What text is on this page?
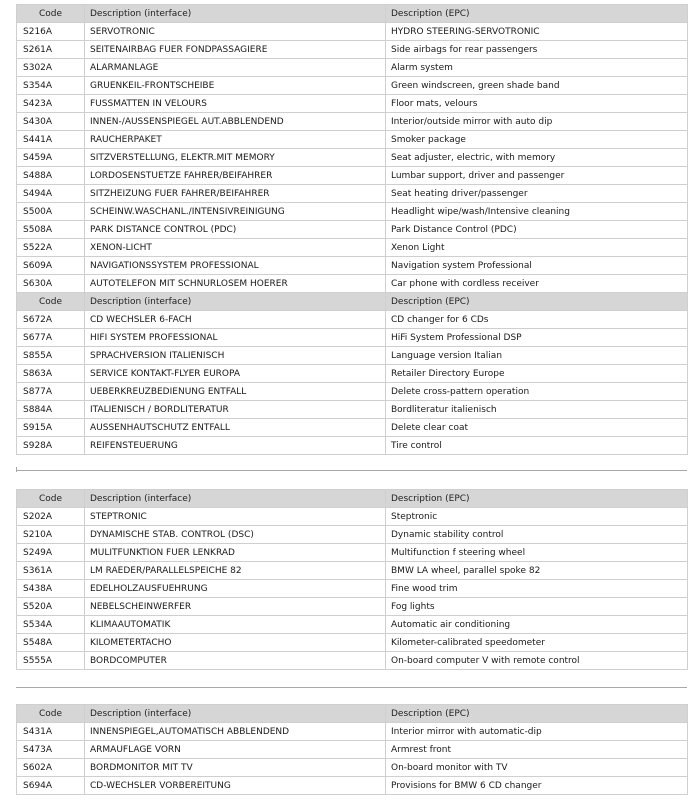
Code	Description (interface)	Description (EPC)
S216A	SERVOTRONIC	HYDRO STEERING-SERVOTRONIC
S261A	SEITENAIRBAG FUER FONDPASSAGIERE	Side airbags for rear passengers
S302A	ALARMANLAGE	Alarm system
S354A	GRUENKEIL-FRONTSCHEIBE	Green windscreen, green shade band
S423A	FUSSMATTEN IN VELOURS	Floor mats, velours
S430A	INNEN-/AUSSENSPIEGEL AUT.ABBLENDEND	Interior/outside mirror with auto dip
S441A	RAUCHERPAKET	Smoker package
S459A	SITZVERSTELLUNG, ELEKTR.MIT MEMORY	Seat adjuster, electric, with memory
S488A	LORDOSENSTUETZE FAHRER/BEIFAHRER	Lumbar support, driver and passenger
S494A	SITZHEIZUNG FUER FAHRER/BEIFAHRER	Seat heating driver/passenger
S500A	SCHEINW.WASCHANL./INTENSIVREINIGUNG	Headlight wipe/wash/Intensive cleaning
S508A	PARK DISTANCE CONTROL (PDC)	Park Distance Control (PDC)
S522A	XENON-LICHT	Xenon Light
S609A	NAVIGATIONSSYSTEM PROFESSIONAL	Navigation system Professional
S630A	AUTOTELEFON MIT SCHNURLOSEM HOERER	Car phone with cordless receiver
Code	Description (interface)	Description (EPC)
S672A	CD WECHSLER 6-FACH	CD changer for 6 CDs
S677A	HIFI SYSTEM PROFESSIONAL	HiFi System Professional DSP
S855A	SPRACHVERSION ITALIENISCH	Language version Italian
S863A	SERVICE KONTAKT-FLYER EUROPA	Retailer Directory Europe
S877A	UEBERKREUZBEDIENUNG ENTFALL	Delete cross-pattern operation
S884A	ITALIENISCH / BORDLITERATUR	Bordliteratur italienisch
S915A	AUSSENHAUTSCHUTZ ENTFALL	Delete clear coat
S928A	REIFENSTEUERUNG	Tire control
Code	Description (interface)	Description (EPC)
S202A	STEPTRONIC	Steptronic
S210A	DYNAMISCHE STAB. CONTROL (DSC)	Dynamic stability control
S249A	MULITFUNKTION FUER LENKRAD	Multifunction f steering wheel
S361A	LM RAEDER/PARALLELSPEICHE 82	BMW LA wheel, parallel spoke 82
S438A	EDELHOLZAUSFUEHRUNG	Fine wood trim
S520A	NEBELSCHEINWERFER	Fog lights
S534A	KLIMAAUTOMATIK	Automatic air conditioning
S548A	KILOMETERTACHO	Kilometer-calibrated speedometer
S555A	BORDCOMPUTER	On-board computer V with remote control
Code	Description (interface)	Description (EPC)
S431A	INNENSPIEGEL,AUTOMATISCH ABBLENDEND	Interior mirror with automatic-dip
S473A	ARMAUFLAGE VORN	Armrest front
S602A	BORDMONITOR MIT TV	On-board monitor with TV
S694A	CD-WECHSLER VORBEREITUNG	Provisions for BMW 6 CD changer
